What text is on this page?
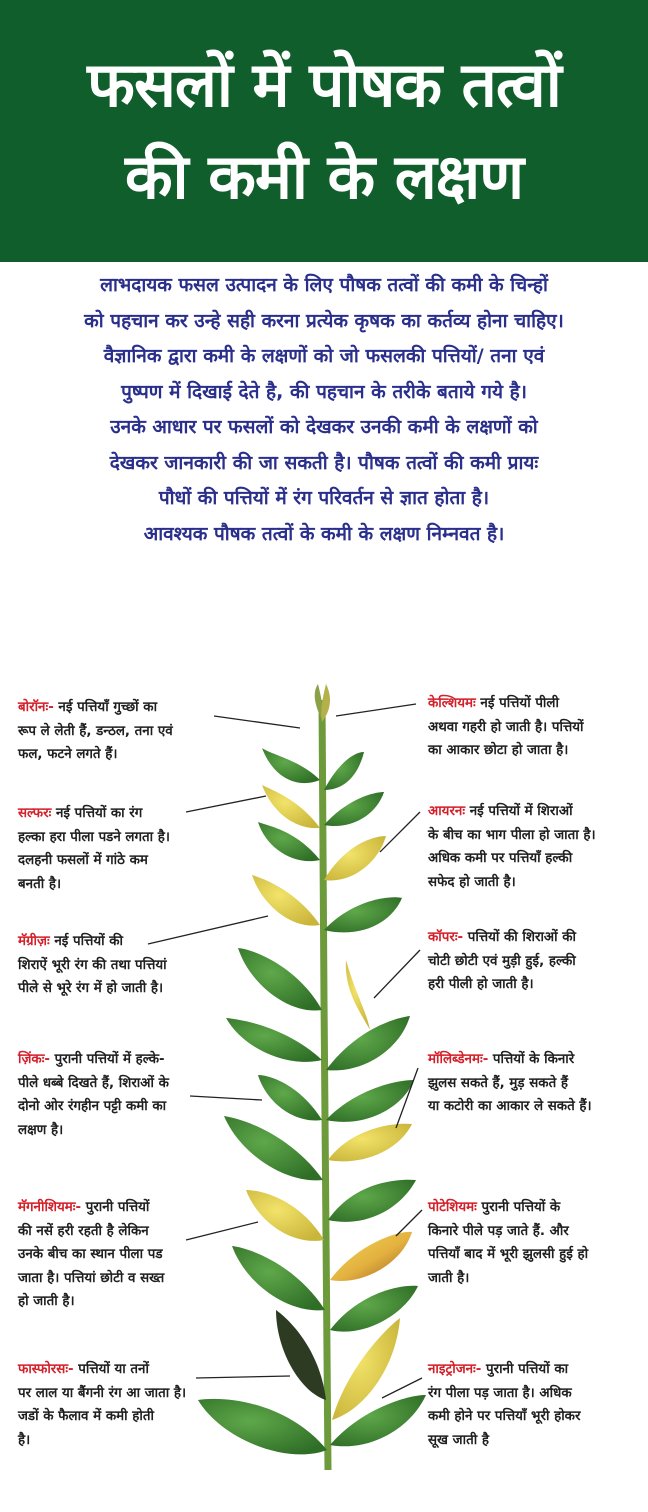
फसलों में पोषक तत्वों
की कमी के लक्षण
लाभदायक फसल उत्पादन के लिए पौषक तत्वों की कमी के चिन्हों
को पहचान कर उन्हे सही करना प्रत्येक कृषक का कर्तव्य होना चाहिए।
वैज्ञानिक द्वारा कमी के लक्षणों को जो फसलकी पत्तियों/ तना एवं
पुष्पण में दिखाई देते है, की पहचान के तरीके बताये गये है।
उनके आधार पर फसलों को देखकर उनकी कमी के लक्षणों को
देखकर जानकारी की जा सकती है। पौषक तत्वों की कमी प्रायः
पौधों की पत्तियों में रंग परिवर्तन से ज्ञात होता है।
आवश्यक पौषक तत्वों के कमी के लक्षण निम्नवत है।
बोरॉनः- नई पत्तियाँ गुच्छों का
रूप ले लेती हैं, डन्ठल, तना एवं
फल, फटने लगते हैं।
सल्फरः नई पत्तियों का रंग
हल्का हरा पीला पडने लगता है।
दलहनी फसलों में गांठे कम
बनती है।
मॅग्रीज़ः नई पत्तियों की
शिराऐं भूरी रंग की तथा पत्तियां
पीले से भूरे रंग में हो जाती है।
ज़िंकः- पुरानी पत्तियों में हल्के-
पीले धब्बे दिखते हैं, शिराओं के
दोनो ओर रंगहीन पट्टी कमी का
लक्षण है।
मॅगनीशियमः- पुरानी पत्तियों
की नसें हरी रहती है लेकिन
उनके बीच का स्थान पीला पड
जाता है। पत्तियां छोटी व सख्त
हो जाती है।
फास्फोरसः- पत्तियों या तनों
पर लाल या बैंगनी रंग आ जाता है।
जडों के फैलाव में कमी होती
है।
केल्शियमः नई पत्तियों पीली
अथवा गहरी हो जाती है। पत्तियों
का आकार छोटा हो जाता है।
आयरनः नई पत्तियों में शिराओं
के बीच का भाग पीला हो जाता है।
अधिक कमी पर पत्तियाँ हल्की
सफेद हो जाती है।
कॉपरः- पत्तियों की शिराओं की
चोटी छोटी एवं मुड़ी हुई, हल्की
हरी पीली हो जाती है।
मॉलिब्डेनमः- पत्तियों के किनारे
झुलस सकते हैं, मुड़ सकते हैं
या कटोरी का आकार ले सकते हैं।
पोटेशियमः पुरानी पत्तियों के
किनारे पीले पड़ जाते हैं. और
पत्तियाँ बाद में भूरी झुलसी हुई हो
जाती है।
नाइट्रोजनः- पुरानी पत्तियों का
रंग पीला पड़ जाता है। अधिक
कमी होने पर पत्तियाँ भूरी होकर
सूख जाती है
